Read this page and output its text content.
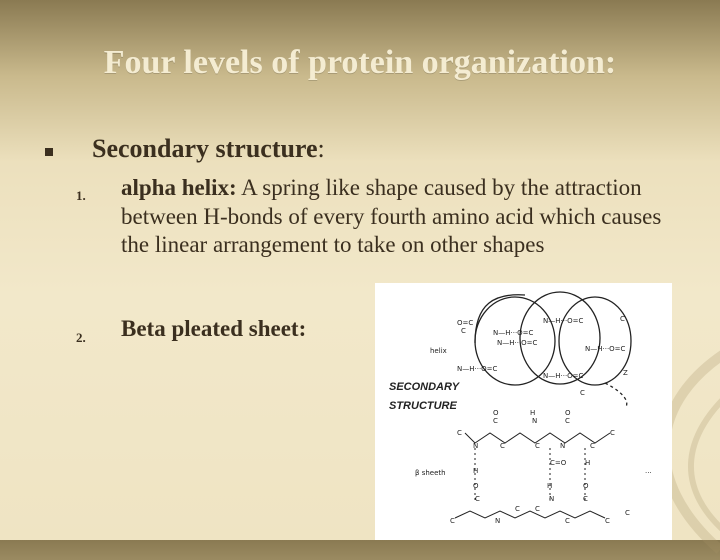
Four levels of protein organization:
Secondary structure:
1. alpha helix: A spring like shape caused by the attraction between H-bonds of every fourth amino acid which causes the linear arrangement to take on other shapes
2. Beta pleated sheet:	O=C
C	N—H···O=C
N—H···O=C
N—H···O=C
N—H···O=C
N—H···O=C
N—H···O=C
C
Z
C
helix
SECONDARY
STRUCTURE
O
C
H
N
O
C
C
N	C	C	N	C
C
H
C=O	H
O	H	O
C	N	C
C	N
C C
C	C
C
...
β sheeth
